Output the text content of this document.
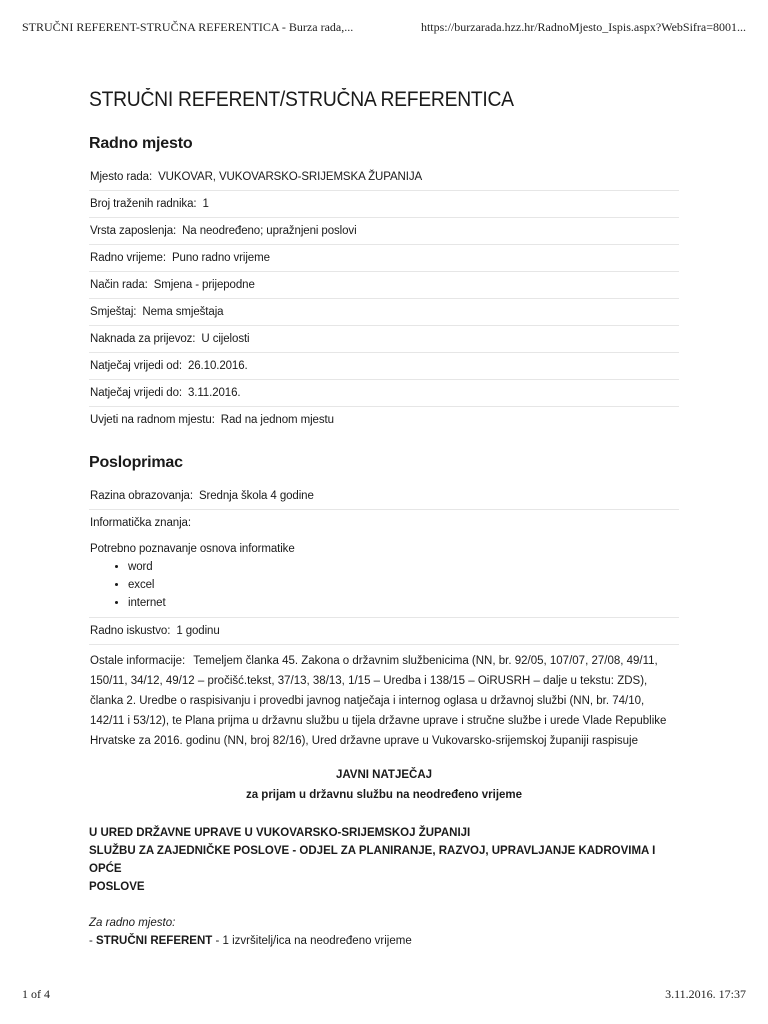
STRUČNI REFERENT-STRUČNA REFERENTICA - Burza rada,...	https://burzarada.hzz.hr/RadnoMjesto_Ispis.aspx?WebSifra=8001...
STRUČNI REFERENT/STRUČNA REFERENTICA
Radno mjesto
Mjesto rada: VUKOVAR, VUKOVARSKO-SRIJEMSKA ŽUPANIJA
Broj traženih radnika: 1
Vrsta zaposlenja: Na neodređeno; upražnjeni poslovi
Radno vrijeme: Puno radno vrijeme
Način rada: Smjena - prijepodne
Smještaj: Nema smještaja
Naknada za prijevoz: U cijelosti
Natječaj vrijedi od: 26.10.2016.
Natječaj vrijedi do: 3.11.2016.
Uvjeti na radnom mjestu: Rad na jednom mjestu
Posloprimac
Razina obrazovanja: Srednja škola 4 godine
Informatička znanja:
Potrebno poznavanje osnova informatike
• word
• excel
• internet
Radno iskustvo: 1 godinu
Ostale informacije: Temeljem članka 45. Zakona o državnim službenicima (NN, br. 92/05, 107/07, 27/08, 49/11,
150/11, 34/12, 49/12 – pročišć.tekst, 37/13, 38/13, 1/15 – Uredba i 138/15 – OiRUSRH – dalje u tekstu: ZDS),
članka 2. Uredbe o raspisivanju i provedbi javnog natječaja i internog oglasa u državnoj službi (NN, br. 74/10,
142/11 i 53/12), te Plana prijma u državnu službu u tijela državne uprave i stručne službe i urede Vlade Republike
Hrvatske za 2016. godinu (NN, broj 82/16), Ured državne uprave u Vukovarsko-srijemskoj županiji raspisuje
JAVNI NATJEČAJ
za prijam u državnu službu na neodređeno vrijeme
U URED DRŽAVNE UPRAVE U VUKOVARSKO-SRIJEMSKOJ ŽUPANIJI
SLUŽBU ZA ZAJEDNIČKE POSLOVE - ODJEL ZA PLANIRANJE, RAZVOJ, UPRAVLJANJE KADROVIMA I OPĆE
POSLOVE
Za radno mjesto:
- STRUČNI REFERENT - 1 izvršitelj/ica na neodređeno vrijeme
1 of 4	3.11.2016. 17:37
